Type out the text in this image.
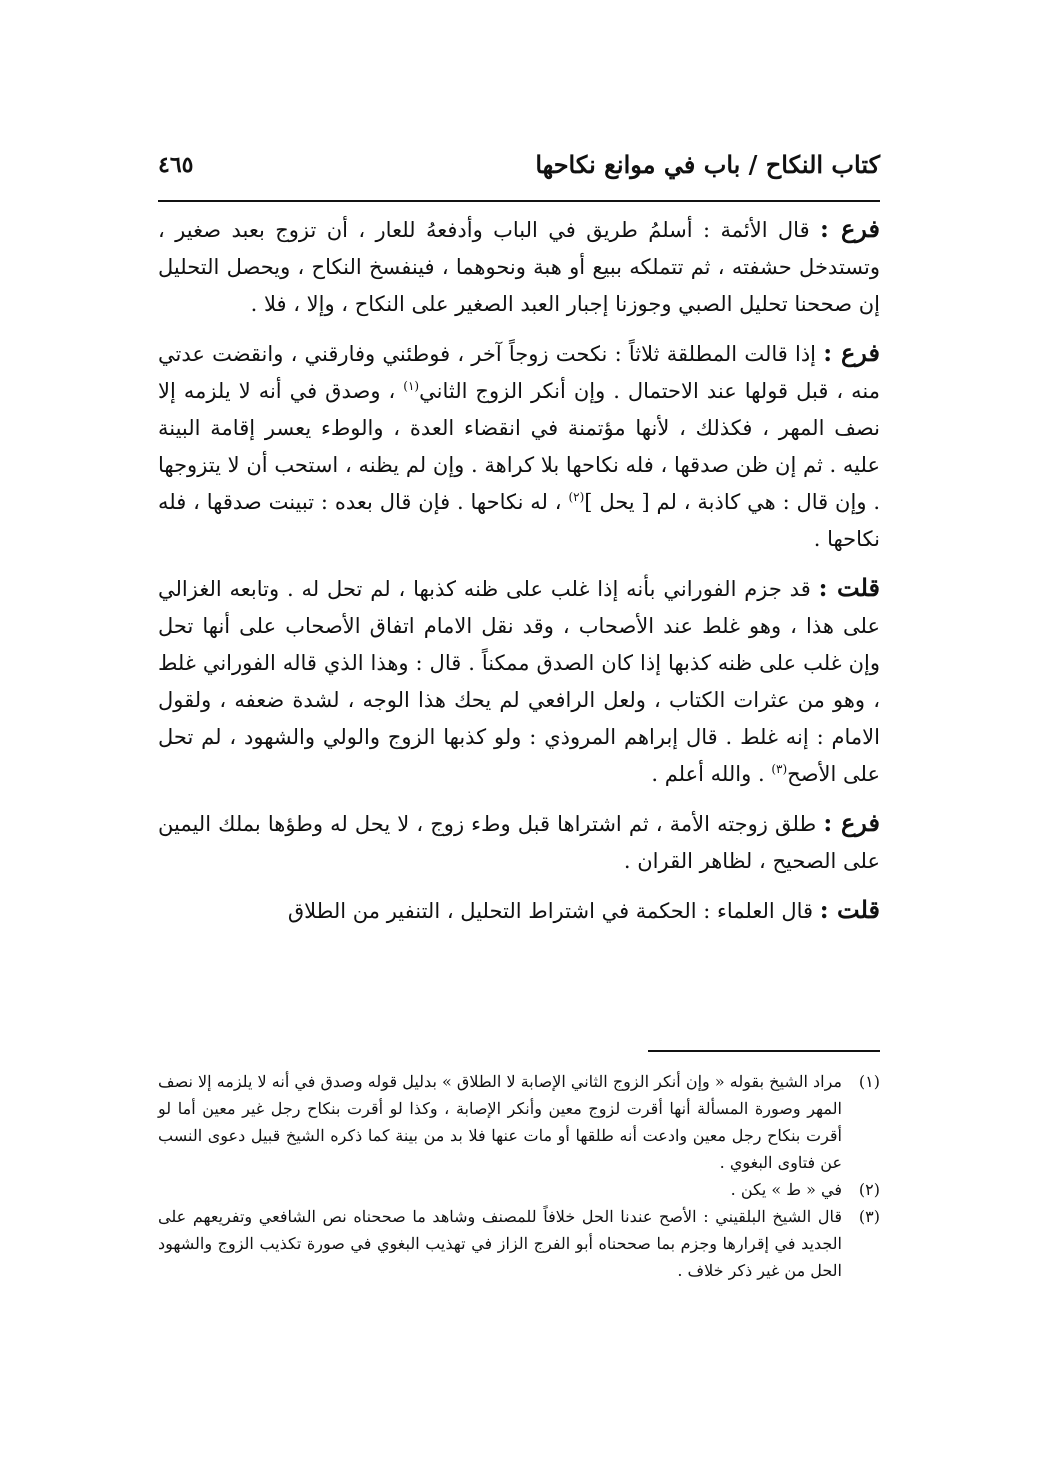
كتاب النكاح / باب في موانع نكاحها
٤٦٥

فرع : قال الأئمة : أسلمُ طريق في الباب وأدفعهُ للعار ، أن تزوج بعبد صغير ، وتستدخل حشفته ، ثم تتملكه ببيع أو هبة ونحوهما ، فينفسخ النكاح ، ويحصل التحليل إن صححنا تحليل الصبي وجوزنا إجبار العبد الصغير على النكاح ، وإلا ، فلا .

فرع : إذا قالت المطلقة ثلاثاً : نكحت زوجاً آخر ، فوطئني وفارقني ، وانقضت عدتي منه ، قبل قولها عند الاحتمال . وإن أنكر الزوج الثاني$^{(١)}$ ، وصدق في أنه لا يلزمه إلا نصف المهر ، فكذلك ، لأنها مؤتمنة في انقضاء العدة ، والوطء يعسر إقامة البينة عليه . ثم إن ظن صدقها ، فله نكاحها بلا كراهة . وإن لم يظنه ، استحب أن لا يتزوجها . وإن قال : هي كاذبة ، لم [ يحل ]$^{(٢)}$ ، له نكاحها . فإن قال بعده : تبينت صدقها ، فله نكاحها .

قلت : قد جزم الفوراني بأنه إذا غلب على ظنه كذبها ، لم تحل له . وتابعه الغزالي على هذا ، وهو غلط عند الأصحاب ، وقد نقل الامام اتفاق الأصحاب على أنها تحل وإن غلب على ظنه كذبها إذا كان الصدق ممكناً . قال : وهذا الذي قاله الفوراني غلط ، وهو من عثرات الكتاب ، ولعل الرافعي لم يحك هذا الوجه ، لشدة ضعفه ، ولقول الامام : إنه غلط . قال إبراهم المروذي : ولو كذبها الزوج والولي والشهود ، لم تحل على الأصح$^{(٣)}$ . والله أعلم .

فرع : طلق زوجته الأمة ، ثم اشتراها قبل وطء زوج ، لا يحل له وطؤها بملك اليمين على الصحيح ، لظاهر القران .

قلت : قال العلماء : الحكمة في اشتراط التحليل ، التنفير من الطلاق

(١)
مراد الشيخ بقوله « وإن أنكر الزوج الثاني الإصابة لا الطلاق » بدليل قوله وصدق في أنه لا يلزمه إلا نصف المهر وصورة المسألة أنها أقرت لزوج معين وأنكر الإصابة ، وكذا لو أقرت بنكاح رجل غير معين أما لو أقرت بنكاح رجل معين وادعت أنه طلقها أو مات عنها فلا بد من بينة كما ذكره الشيخ قبيل دعوى النسب عن فتاوى البغوي .
(٢)
في « ط » يكن .
(٣)
قال الشيخ البلقيني : الأصح عندنا الحل خلافاً للمصنف وشاهد ما صححناه نص الشافعي وتفريعهم على الجديد في إقرارها وجزم بما صححناه أبو الفرج الزاز في تهذيب البغوي في صورة تكذيب الزوج والشهود الحل من غير ذكر خلاف .
